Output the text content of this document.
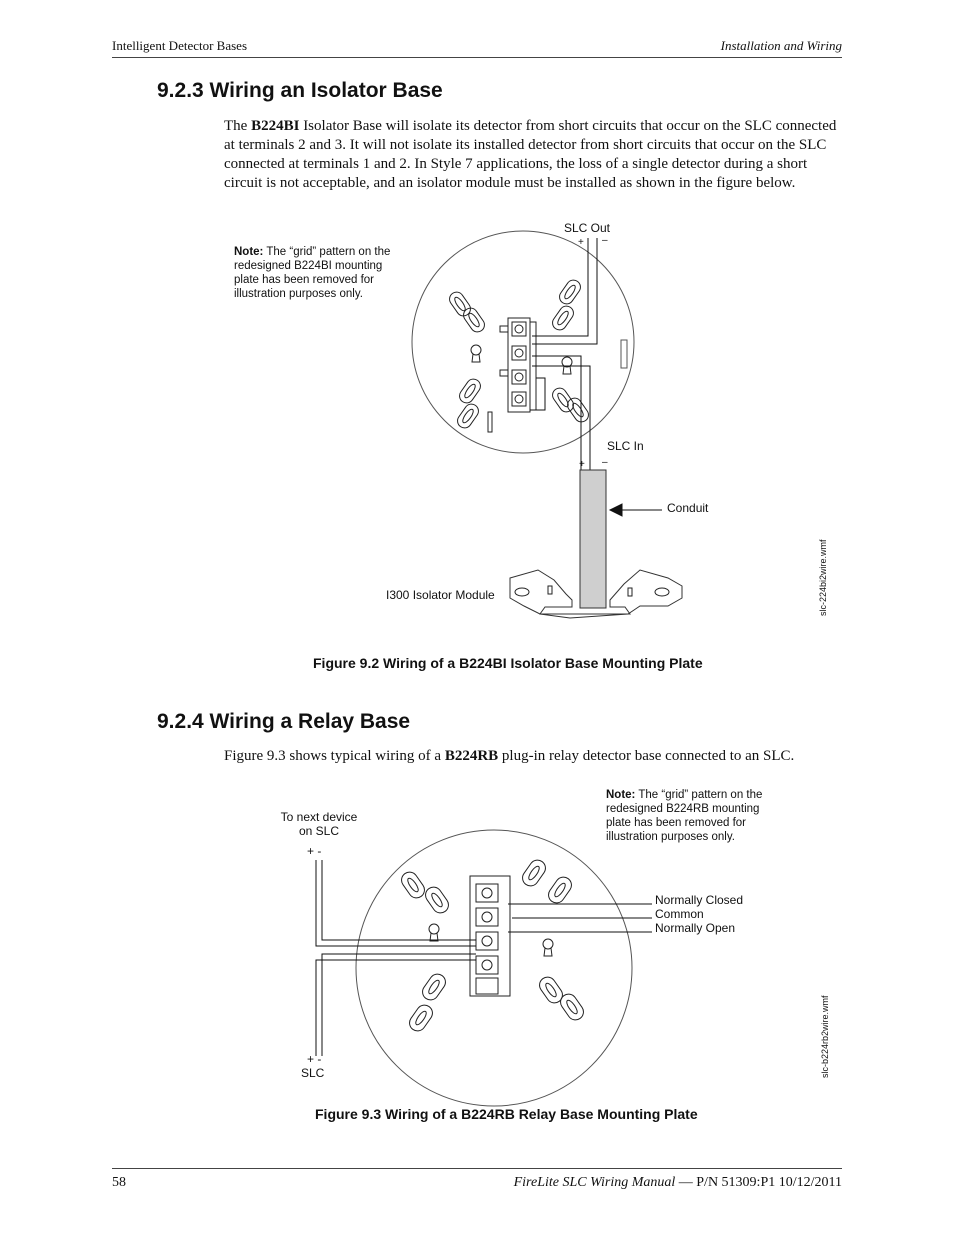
Intelligent Detector Bases	Installation and Wiring
9.2.3 Wiring an Isolator Base
The B224BI Isolator Base will isolate its detector from short circuits that occur on the SLC connected at terminals 2 and 3. It will not isolate its installed detector from short circuits that occur on the SLC connected at terminals 1 and 2. In Style 7 applications, the loss of a single detector during a short circuit is not acceptable, and an isolator module must be installed as shown in the figure below.
Note: The “grid” pattern on the redesigned B224BI mounting plate has been removed for illustration purposes only.
SLC Out
+ –
SLC In
+ –
Conduit
I300 Isolator Module	slc-224bi2wire.wmf
Figure 9.2 Wiring of a B224BI Isolator Base Mounting Plate
9.2.4 Wiring a Relay Base
Figure 9.3 shows typical wiring of a B224RB plug-in relay detector base connected to an SLC.
To next device on SLC
+ -
+ -
SLC
Note: The “grid” pattern on the redesigned B224RB mounting plate has been removed for illustration purposes only.
Normally Closed
Common
Normally Open
slc-b224rb2wire.wmf
Figure 9.3 Wiring of a B224RB Relay Base Mounting Plate
58	FireLite SLC Wiring Manual — P/N 51309:P1 10/12/2011
